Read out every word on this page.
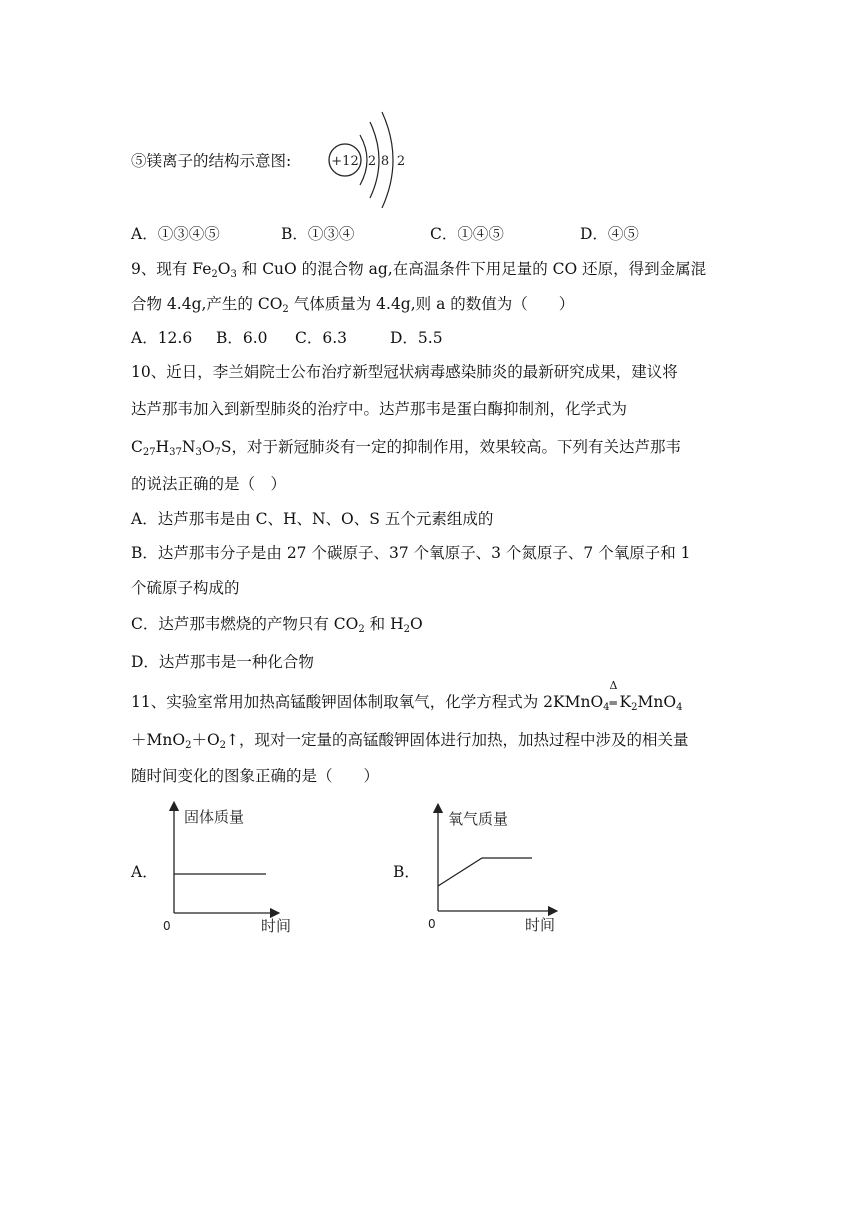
⑤镁离子的结构示意图:	+12 2 8 2
A．①③④⑤	B．①③④	C．①④⑤	D．④⑤
9、现有 $Fe_2O_3$ 和 CuO 的混合物 ag,在高温条件下用足量的 CO 还原，得到金属混
合物 4.4g,产生的 $CO_2$ 气体质量为 4.4g,则 a 的数值为（　　）
A．12.6 B．6.0 C．6.3	D．5.5
10、近日，李兰娟院士公布治疗新型冠状病毒感染肺炎的最新研究成果，建议将
达芦那韦加入到新型肺炎的治疗中。达芦那韦是蛋白酶抑制剂，化学式为
$C_{27}H_{37}N_3O_7S$，对于新冠肺炎有一定的抑制作用，效果较高。下列有关达芦那韦
的说法正确的是（　）
A．达芦那韦是由 C、H、N、O、S 五个元素组成的
B．达芦那韦分子是由 27 个碳原子、37 个氧原子、3 个氮原子、7 个氧原子和 1
个硫原子构成的
C．达芦那韦燃烧的产物只有 $CO_2$ 和 $H_2O$
D．达芦那韦是一种化合物
11、实验室常用加热高锰酸钾固体制取氧气，化学方程式为 2KMnO$_4$
Δ
═ $K_2MnO_4$
$+MnO_2+O_2↑$，现对一定量的高锰酸钾固体进行加热，加热过程中涉及的相关量
随时间变化的图象正确的是（　　）
A．
固体质量
时间
0
B．
氧气质量
时间
0
